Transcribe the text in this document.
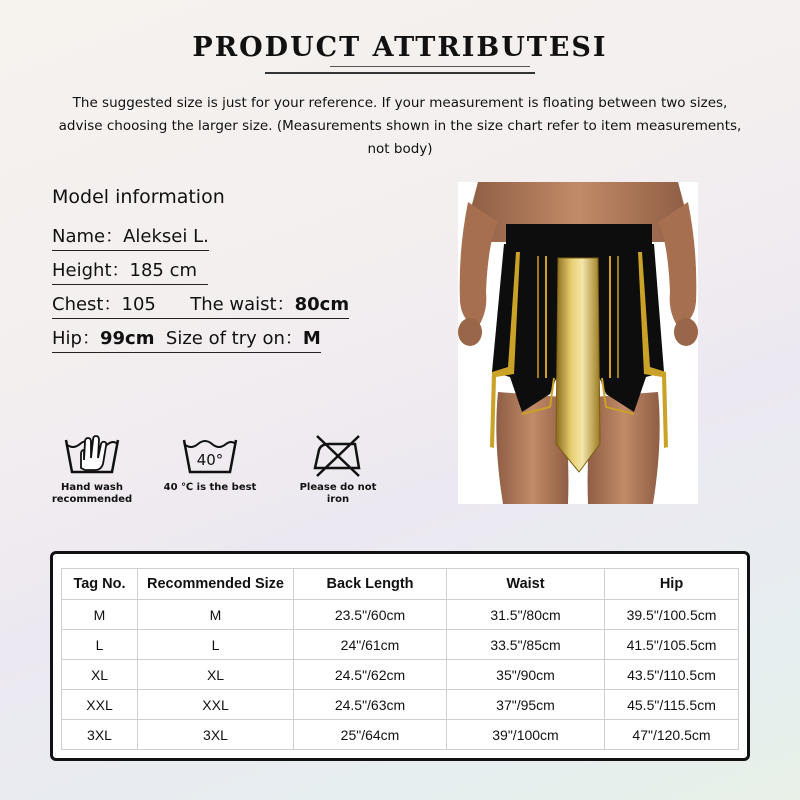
PRODUCT ATTRIBUTESI
The suggested size is just for your reference. If your measurement is floating between two sizes, advise choosing the larger size. (Measurements shown in the size chart refer to item measurements, not body)
Model information
Name：Aleksei L.
Height：185 cm
Chest：105 The waist：80cm
Hip：99cm Size of try on：M
Hand wash recommended
40°
40 ℃ is the best	Please do not iron
Tag No.	Recommended Size	Back Length	Waist	Hip
M	M	23.5"/60cm	31.5"/80cm	39.5"/100.5cm
L	L	24"/61cm	33.5"/85cm	41.5"/105.5cm
XL	XL	24.5"/62cm	35"/90cm	43.5"/110.5cm
XXL	XXL	24.5"/63cm	37"/95cm	45.5"/115.5cm
3XL	3XL	25"/64cm	39"/100cm	47"/120.5cm
